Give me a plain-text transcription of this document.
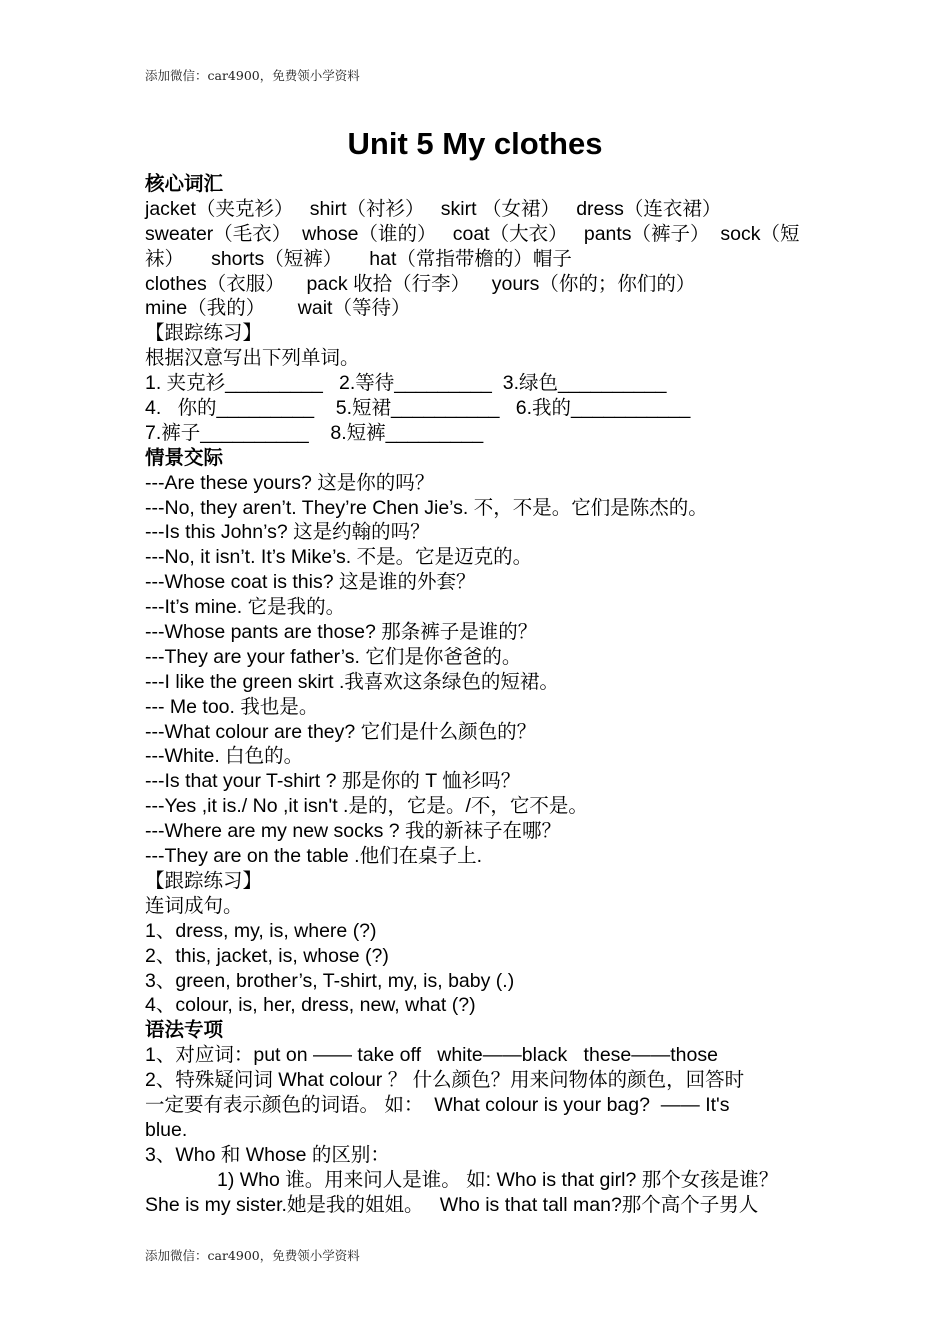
添加微信：car4900，免费领小学资料
Unit 5 My clothes
核心词汇
jacket（夹克衫）   shirt（衬衫）   skirt （女裙）   dress（连衣裙）
sweater（毛衣）  whose（谁的）   coat（大衣）   pants（裤子）  sock（短
袜）     shorts（短裤）     hat（常指带檐的）帽子
clothes（衣服）    pack 收拾（行李）    yours（你的；你们的）
mine（我的）      wait（等待）
【跟踪练习】
根据汉意写出下列单词。
1. 夹克衫_________   2.等待_________  3.绿色__________
4.   你的_________    5.短裙__________   6.我的___________
7.裤子__________    8.短裤_________
情景交际
---Are these yours? 这是你的吗？
---No, they aren’t. They’re Chen Jie’s. 不，不是。它们是陈杰的。
---Is this John’s? 这是约翰的吗？
---No, it isn’t. It’s Mike’s. 不是。它是迈克的。
---Whose coat is this? 这是谁的外套？
---It’s mine. 它是我的。
---Whose pants are those? 那条裤子是谁的？
---They are your father’s. 它们是你爸爸的。
---I like the green skirt .我喜欢这条绿色的短裙。
--- Me too. 我也是。
---What colour are they? 它们是什么颜色的？
---White. 白色的。
---Is that your T-shirt ? 那是你的 T 恤衫吗？
---Yes ,it is./ No ,it isn't .是的，它是。/不，它不是。
---Where are my new socks ? 我的新袜子在哪？
---They are on the table .他们在桌子上.
【跟踪练习】
连词成句。
1、dress, my, is, where (?)
2、this, jacket, is, whose (?)
3、green, brother’s, T-shirt, my, is, baby (.)
4、colour, is, her, dress, new, what (?)
语法专项
1、对应词：put on —— take off   white——black   these——those
2、特殊疑问词 What colour ？ 什么颜色？用来问物体的颜色，回答时
一定要有表示颜色的词语。 如：  What colour is your bag?  —— It's
blue.
3、Who 和 Whose 的区别：
1) Who 谁。用来问人是谁。 如: Who is that girl? 那个女孩是谁？
She is my sister.她是我的姐姐。   Who is that tall man?那个高个子男人
添加微信：car4900，免费领小学资料
